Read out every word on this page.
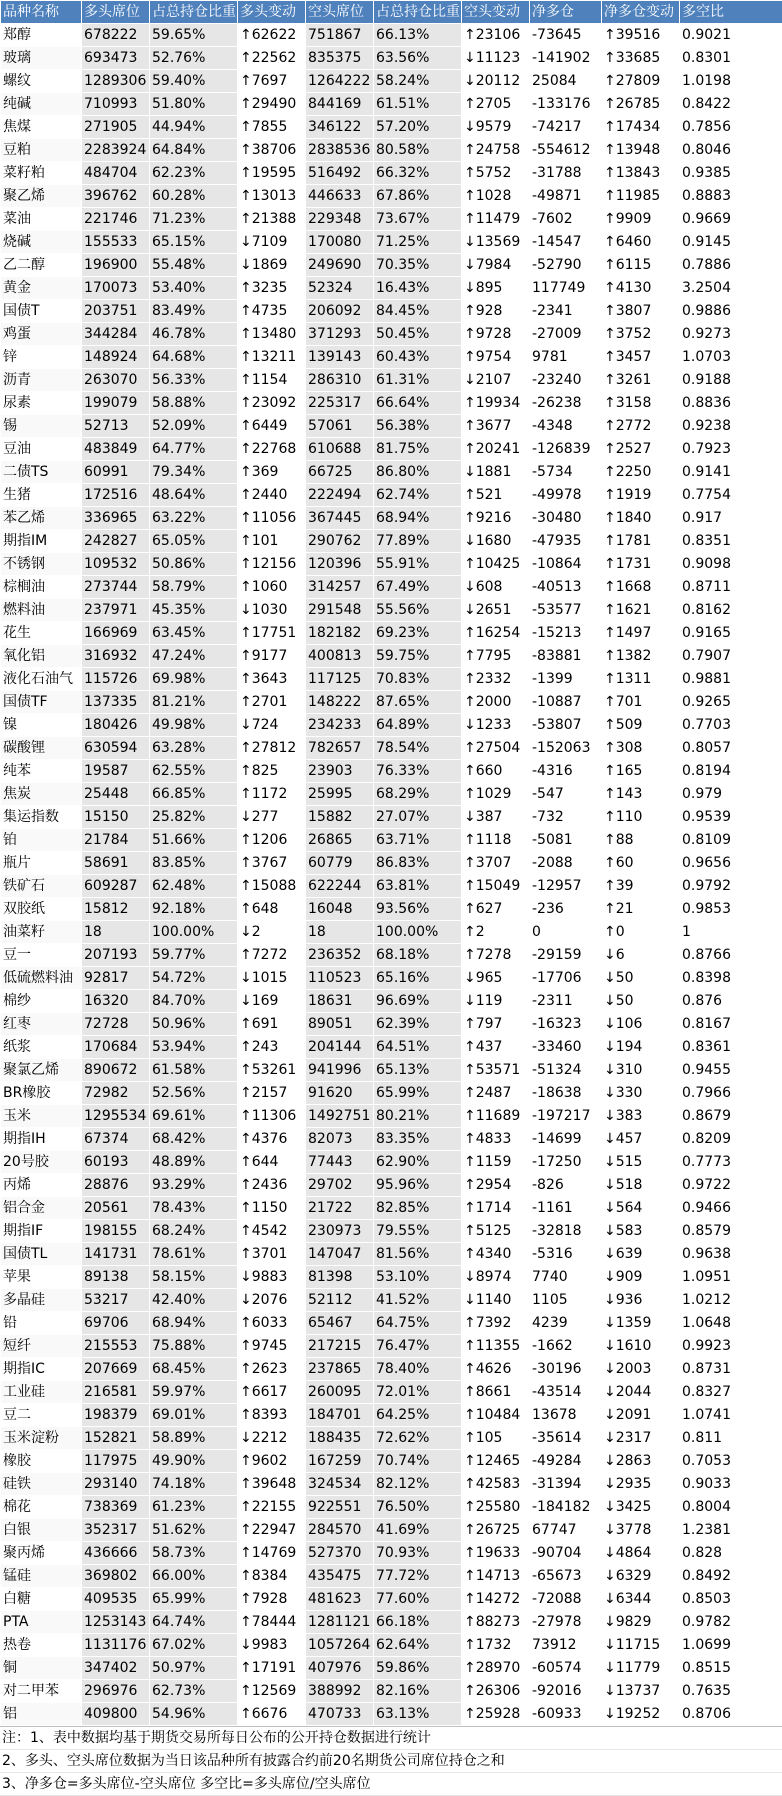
品种名称	多头席位	占总持仓比重	多头变动	空头席位	占总持仓比重	空头变动	净多仓	净多仓变动	多空比
郑醇	678222	59.65%	↑62622	751867	66.13%	↑23106	-73645	↑39516	0.9021
玻璃	693473	52.76%	↑22562	835375	63.56%	↓11123	-141902	↑33685	0.8301
螺纹	1289306	59.40%	↑7697	1264222	58.24%	↓20112	25084	↑27809	1.0198
纯碱	710993	51.80%	↑29490	844169	61.51%	↑2705	-133176	↑26785	0.8422
焦煤	271905	44.94%	↑7855	346122	57.20%	↓9579	-74217	↑17434	0.7856
豆粕	2283924	64.84%	↑38706	2838536	80.58%	↑24758	-554612	↑13948	0.8046
菜籽粕	484704	62.23%	↑19595	516492	66.32%	↑5752	-31788	↑13843	0.9385
聚乙烯	396762	60.28%	↑13013	446633	67.86%	↑1028	-49871	↑11985	0.8883
菜油	221746	71.23%	↑21388	229348	73.67%	↑11479	-7602	↑9909	0.9669
烧碱	155533	65.15%	↓7109	170080	71.25%	↓13569	-14547	↑6460	0.9145
乙二醇	196900	55.48%	↓1869	249690	70.35%	↓7984	-52790	↑6115	0.7886
黄金	170073	53.40%	↑3235	52324	16.43%	↓895	117749	↑4130	3.2504
国债T	203751	83.49%	↑4735	206092	84.45%	↑928	-2341	↑3807	0.9886
鸡蛋	344284	46.78%	↑13480	371293	50.45%	↑9728	-27009	↑3752	0.9273
锌	148924	64.68%	↑13211	139143	60.43%	↑9754	9781	↑3457	1.0703
沥青	263070	56.33%	↑1154	286310	61.31%	↓2107	-23240	↑3261	0.9188
尿素	199079	58.88%	↑23092	225317	66.64%	↑19934	-26238	↑3158	0.8836
锡	52713	52.09%	↑6449	57061	56.38%	↑3677	-4348	↑2772	0.9238
豆油	483849	64.77%	↑22768	610688	81.75%	↑20241	-126839	↑2527	0.7923
二债TS	60991	79.34%	↑369	66725	86.80%	↓1881	-5734	↑2250	0.9141
生猪	172516	48.64%	↑2440	222494	62.74%	↑521	-49978	↑1919	0.7754
苯乙烯	336965	63.22%	↑11056	367445	68.94%	↑9216	-30480	↑1840	0.917
期指IM	242827	65.05%	↑101	290762	77.89%	↓1680	-47935	↑1781	0.8351
不锈钢	109532	50.86%	↑12156	120396	55.91%	↑10425	-10864	↑1731	0.9098
棕榈油	273744	58.79%	↑1060	314257	67.49%	↓608	-40513	↑1668	0.8711
燃料油	237971	45.35%	↓1030	291548	55.56%	↓2651	-53577	↑1621	0.8162
花生	166969	63.45%	↑17751	182182	69.23%	↑16254	-15213	↑1497	0.9165
氧化铝	316932	47.24%	↑9177	400813	59.75%	↑7795	-83881	↑1382	0.7907
液化石油气	115726	69.98%	↑3643	117125	70.83%	↑2332	-1399	↑1311	0.9881
国债TF	137335	81.21%	↑2701	148222	87.65%	↑2000	-10887	↑701	0.9265
镍	180426	49.98%	↓724	234233	64.89%	↓1233	-53807	↑509	0.7703
碳酸锂	630594	63.28%	↑27812	782657	78.54%	↑27504	-152063	↑308	0.8057
纯苯	19587	62.55%	↑825	23903	76.33%	↑660	-4316	↑165	0.8194
焦炭	25448	66.85%	↑1172	25995	68.29%	↑1029	-547	↑143	0.979
集运指数	15150	25.82%	↓277	15882	27.07%	↓387	-732	↑110	0.9539
铂	21784	51.66%	↑1206	26865	63.71%	↑1118	-5081	↑88	0.8109
瓶片	58691	83.85%	↑3767	60779	86.83%	↑3707	-2088	↑60	0.9656
铁矿石	609287	62.48%	↑15088	622244	63.81%	↑15049	-12957	↑39	0.9792
双胶纸	15812	92.18%	↑648	16048	93.56%	↑627	-236	↑21	0.9853
油菜籽	18	100.00%	↓2	18	100.00%	↑2	0	↑0	1
豆一	207193	59.77%	↑7272	236352	68.18%	↑7278	-29159	↓6	0.8766
低硫燃料油	92817	54.72%	↓1015	110523	65.16%	↓965	-17706	↓50	0.8398
棉纱	16320	84.70%	↓169	18631	96.69%	↓119	-2311	↓50	0.876
红枣	72728	50.96%	↑691	89051	62.39%	↑797	-16323	↓106	0.8167
纸浆	170684	53.94%	↑243	204144	64.51%	↑437	-33460	↓194	0.8361
聚氯乙烯	890672	61.58%	↑53261	941996	65.13%	↑53571	-51324	↓310	0.9455
BR橡胶	72982	52.56%	↑2157	91620	65.99%	↑2487	-18638	↓330	0.7966
玉米	1295534	69.61%	↑11306	1492751	80.21%	↑11689	-197217	↓383	0.8679
期指IH	67374	68.42%	↑4376	82073	83.35%	↑4833	-14699	↓457	0.8209
20号胶	60193	48.89%	↑644	77443	62.90%	↑1159	-17250	↓515	0.7773
丙烯	28876	93.29%	↑2436	29702	95.96%	↑2954	-826	↓518	0.9722
铝合金	20561	78.43%	↑1150	21722	82.85%	↑1714	-1161	↓564	0.9466
期指IF	198155	68.24%	↑4542	230973	79.55%	↑5125	-32818	↓583	0.8579
国债TL	141731	78.61%	↑3701	147047	81.56%	↑4340	-5316	↓639	0.9638
苹果	89138	58.15%	↓9883	81398	53.10%	↓8974	7740	↓909	1.0951
多晶硅	53217	42.40%	↓2076	52112	41.52%	↓1140	1105	↓936	1.0212
铅	69706	68.94%	↑6033	65467	64.75%	↑7392	4239	↓1359	1.0648
短纤	215553	75.88%	↑9745	217215	76.47%	↑11355	-1662	↓1610	0.9923
期指IC	207669	68.45%	↑2623	237865	78.40%	↑4626	-30196	↓2003	0.8731
工业硅	216581	59.97%	↑6617	260095	72.01%	↑8661	-43514	↓2044	0.8327
豆二	198379	69.01%	↑8393	184701	64.25%	↑10484	13678	↓2091	1.0741
玉米淀粉	152821	58.89%	↓2212	188435	72.62%	↑105	-35614	↓2317	0.811
橡胶	117975	49.90%	↑9602	167259	70.74%	↑12465	-49284	↓2863	0.7053
硅铁	293140	74.18%	↑39648	324534	82.12%	↑42583	-31394	↓2935	0.9033
棉花	738369	61.23%	↑22155	922551	76.50%	↑25580	-184182	↓3425	0.8004
白银	352317	51.62%	↑22947	284570	41.69%	↑26725	67747	↓3778	1.2381
聚丙烯	436666	58.73%	↑14769	527370	70.93%	↑19633	-90704	↓4864	0.828
锰硅	369802	66.00%	↑8384	435475	77.72%	↑14713	-65673	↓6329	0.8492
白糖	409535	65.99%	↑7928	481623	77.60%	↑14272	-72088	↓6344	0.8503
PTA	1253143	64.74%	↑78444	1281121	66.18%	↑88273	-27978	↓9829	0.9782
热卷	1131176	67.02%	↓9983	1057264	62.64%	↑1732	73912	↓11715	1.0699
铜	347402	50.97%	↑17191	407976	59.86%	↑28970	-60574	↓11779	0.8515
对二甲苯	296976	62.73%	↑12569	388992	82.16%	↑26306	-92016	↓13737	0.7635
铝	409800	54.96%	↑6676	470733	63.13%	↑25928	-60933	↓19252	0.8706
注：1、表中数据均基于期货交易所每日公布的公开持仓数据进行统计
2、多头、空头席位数据为当日该品种所有披露合约前20名期货公司席位持仓之和
3、净多仓=多头席位-空头席位 多空比=多头席位/空头席位
